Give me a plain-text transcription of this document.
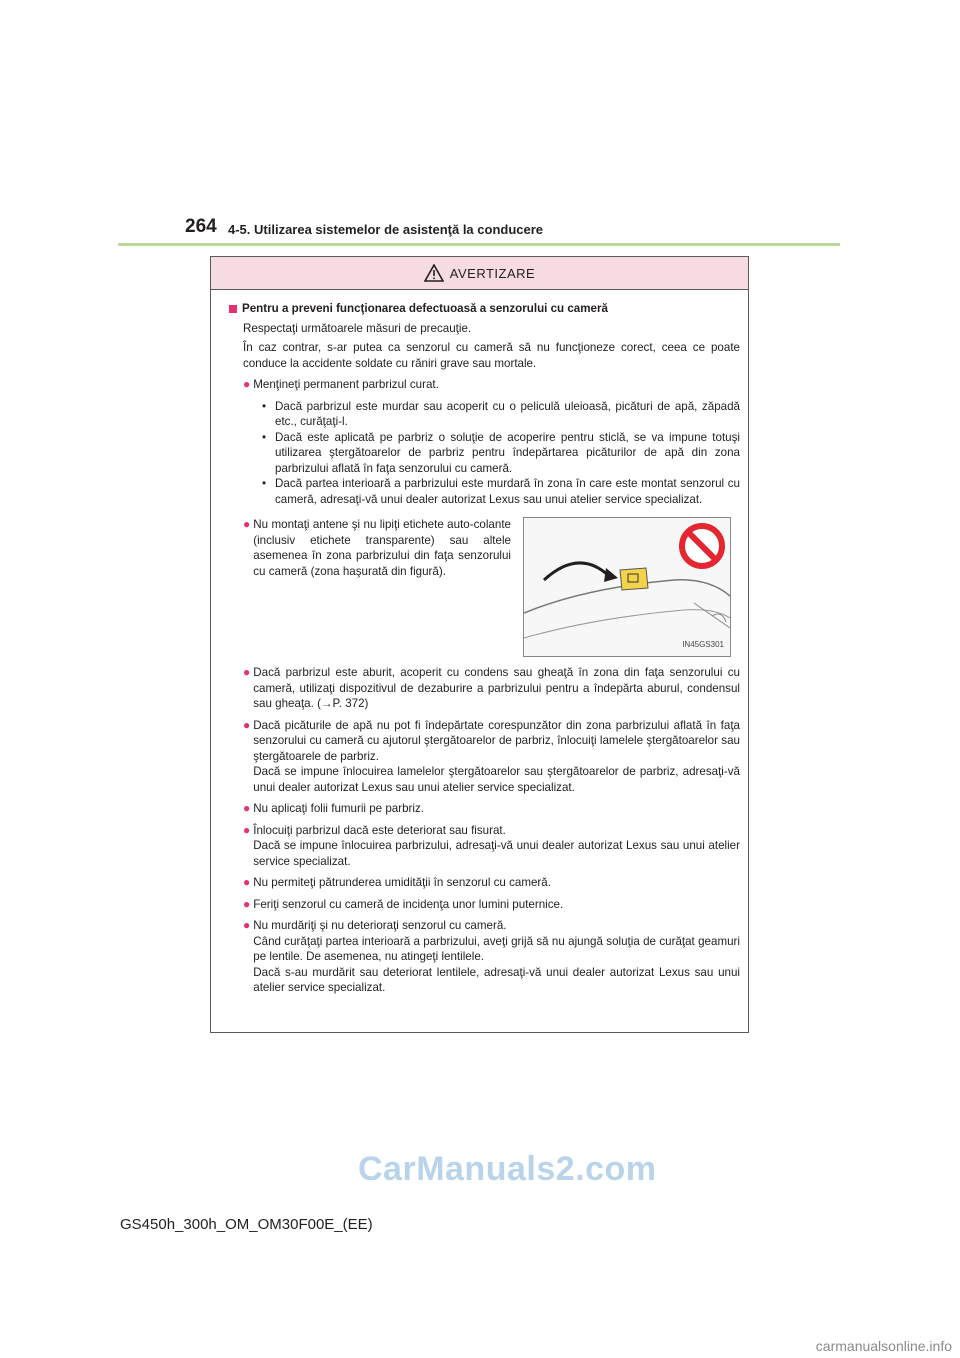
264 4-5. Utilizarea sistemelor de asistenţă la conducere
AVERTIZARE
Pentru a preveni funcţionarea defectuoasă a senzorului cu cameră

Respectaţi următoarele măsuri de precauţie.

În caz contrar, s-ar putea ca senzorul cu cameră să nu funcţioneze corect, ceea ce poate conduce la accidente soldate cu răniri grave sau mortale.

● Menţineţi permanent parbrizul curat.
• Dacă parbrizul este murdar sau acoperit cu o peliculă uleioasă, picături de apă, zăpadă etc., curăţaţi-l.
• Dacă este aplicată pe parbriz o soluţie de acoperire pentru sticlă, se va impune totuşi utilizarea ştergătoarelor de parbriz pentru îndepărtarea picăturilor de apă din zona parbrizului aflată în faţa senzorului cu cameră.
• Dacă partea interioară a parbrizului este murdară în zona în care este montat senzorul cu cameră, adresaţi-vă unui dealer autorizat Lexus sau unui atelier service specializat.
● Nu montaţi antene şi nu lipiţi etichete auto-colante (inclusiv etichete transparente) sau altele asemenea în zona parbrizului din faţa senzorului cu cameră (zona haşurată din figură).
IN45GS301
● Dacă parbrizul este aburit, acoperit cu condens sau gheaţă în zona din faţa senzorului cu cameră, utilizaţi dispozitivul de dezaburire a parbrizului pentru a îndepărta aburul, condensul sau gheaţa. (→P. 372)
● Dacă picăturile de apă nu pot fi îndepărtate corespunzător din zona parbrizului aflată în faţa senzorului cu cameră cu ajutorul ştergătoarelor de parbriz, înlocuiţi lamelele ştergătoarelor sau ştergătoarele de parbriz.
Dacă se impune înlocuirea lamelelor ştergătoarelor sau ştergătoarelor de parbriz, adresaţi-vă unui dealer autorizat Lexus sau unui atelier service specializat.
● Nu aplicaţi folii fumurii pe parbriz.
● Înlocuiţi parbrizul dacă este deteriorat sau fisurat.
Dacă se impune înlocuirea parbrizului, adresaţi-vă unui dealer autorizat Lexus sau unui atelier service specializat.
● Nu permiteţi pătrunderea umidităţii în senzorul cu cameră.
● Feriţi senzorul cu cameră de incidenţa unor lumini puternice.
● Nu murdăriţi şi nu deterioraţi senzorul cu cameră.
Când curăţaţi partea interioară a parbrizului, aveţi grijă să nu ajungă soluţia de curăţat geamuri pe lentile. De asemenea, nu atingeţi lentilele.
Dacă s-au murdărit sau deteriorat lentilele, adresaţi-vă unui dealer autorizat Lexus sau unui atelier service specializat.
CarManuals2.com
GS450h_300h_OM_OM30F00E_(EE)
carmanualsonline.info
